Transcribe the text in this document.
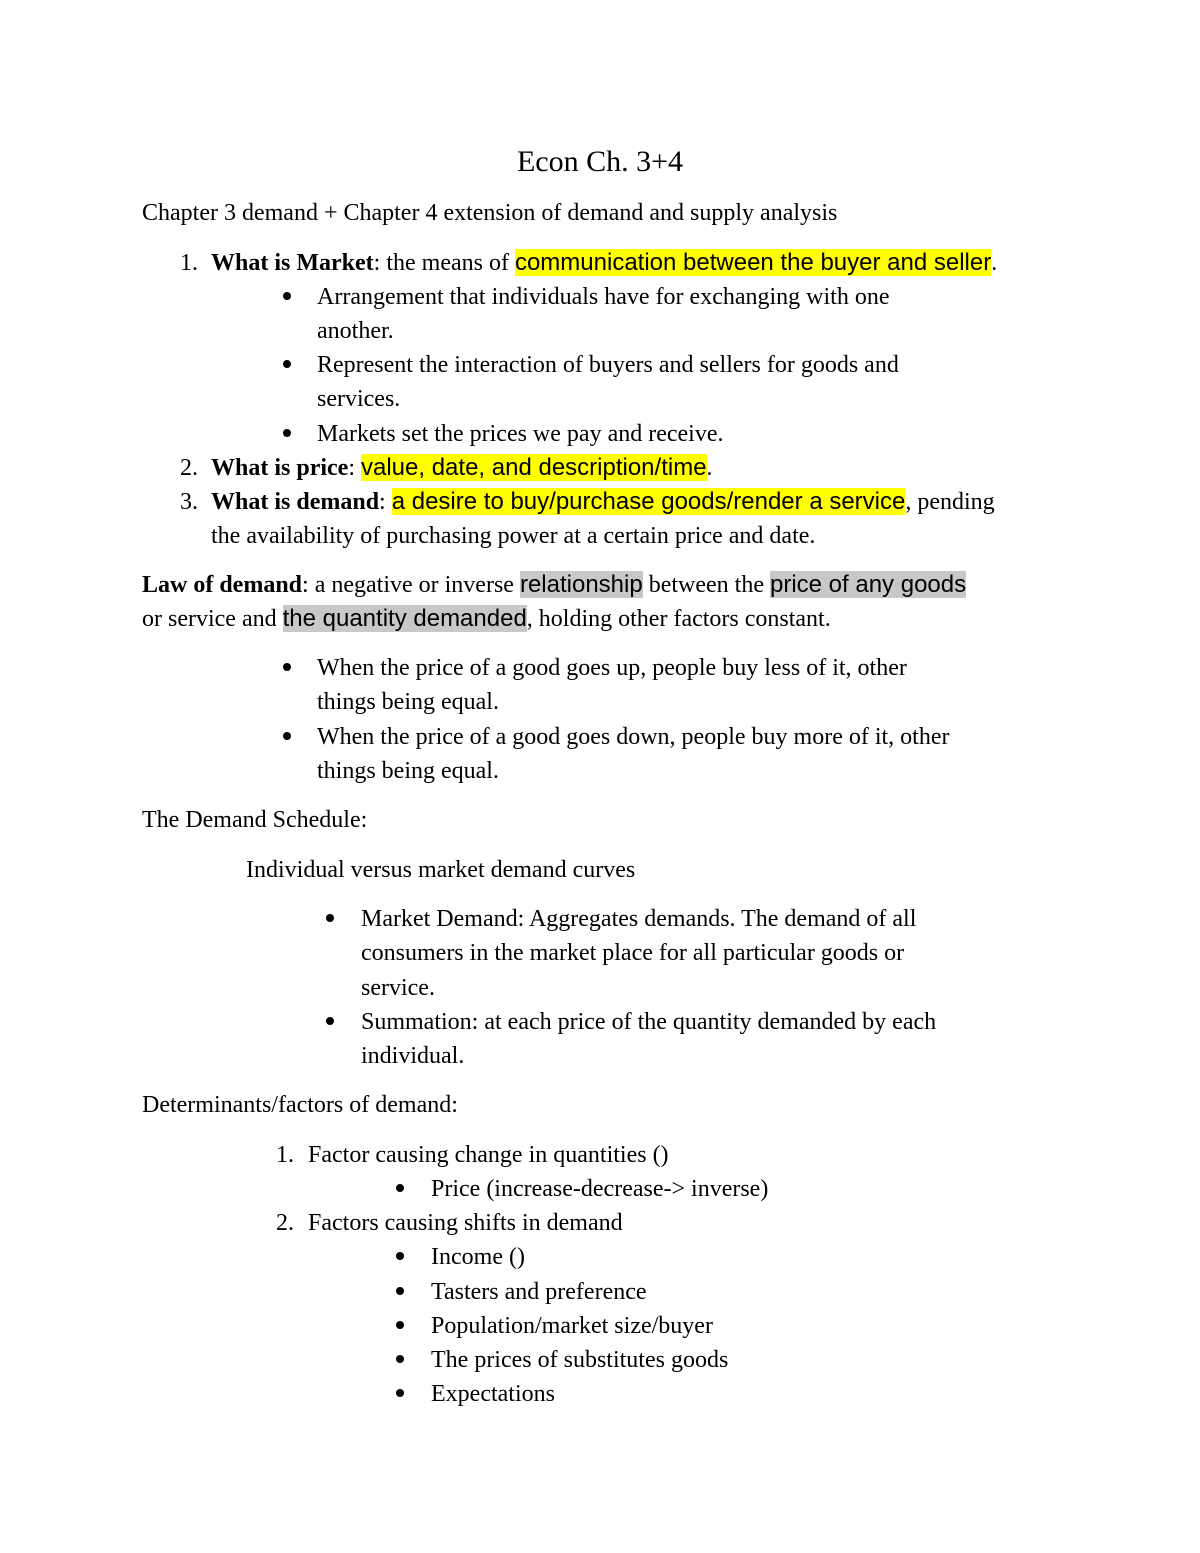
Econ Ch. 3+4
Chapter 3 demand + Chapter 4 extension of demand and supply analysis
1. What is Market: the means of communication between the buyer and seller.
Arrangement that individuals have for exchanging with one
another.
Represent the interaction of buyers and sellers for goods and
services.
Markets set the prices we pay and receive.
2. What is price: value, date, and description/time.
3. What is demand: a desire to buy/purchase goods/render a service, pending
the availability of purchasing power at a certain price and date.
Law of demand: a negative or inverse relationship between the price of any goods
or service and the quantity demanded, holding other factors constant.
When the price of a good goes up, people buy less of it, other
things being equal.
When the price of a good goes down, people buy more of it, other
things being equal.
The Demand Schedule:
Individual versus market demand curves
Market Demand: Aggregates demands. The demand of all
consumers in the market place for all particular goods or
service.
Summation: at each price of the quantity demanded by each
individual.
Determinants/factors of demand:
1. Factor causing change in quantities ()
Price (increase-decrease-> inverse)
2. Factors causing shifts in demand
Income ()
Tasters and preference
Population/market size/buyer
The prices of substitutes goods
Expectations
